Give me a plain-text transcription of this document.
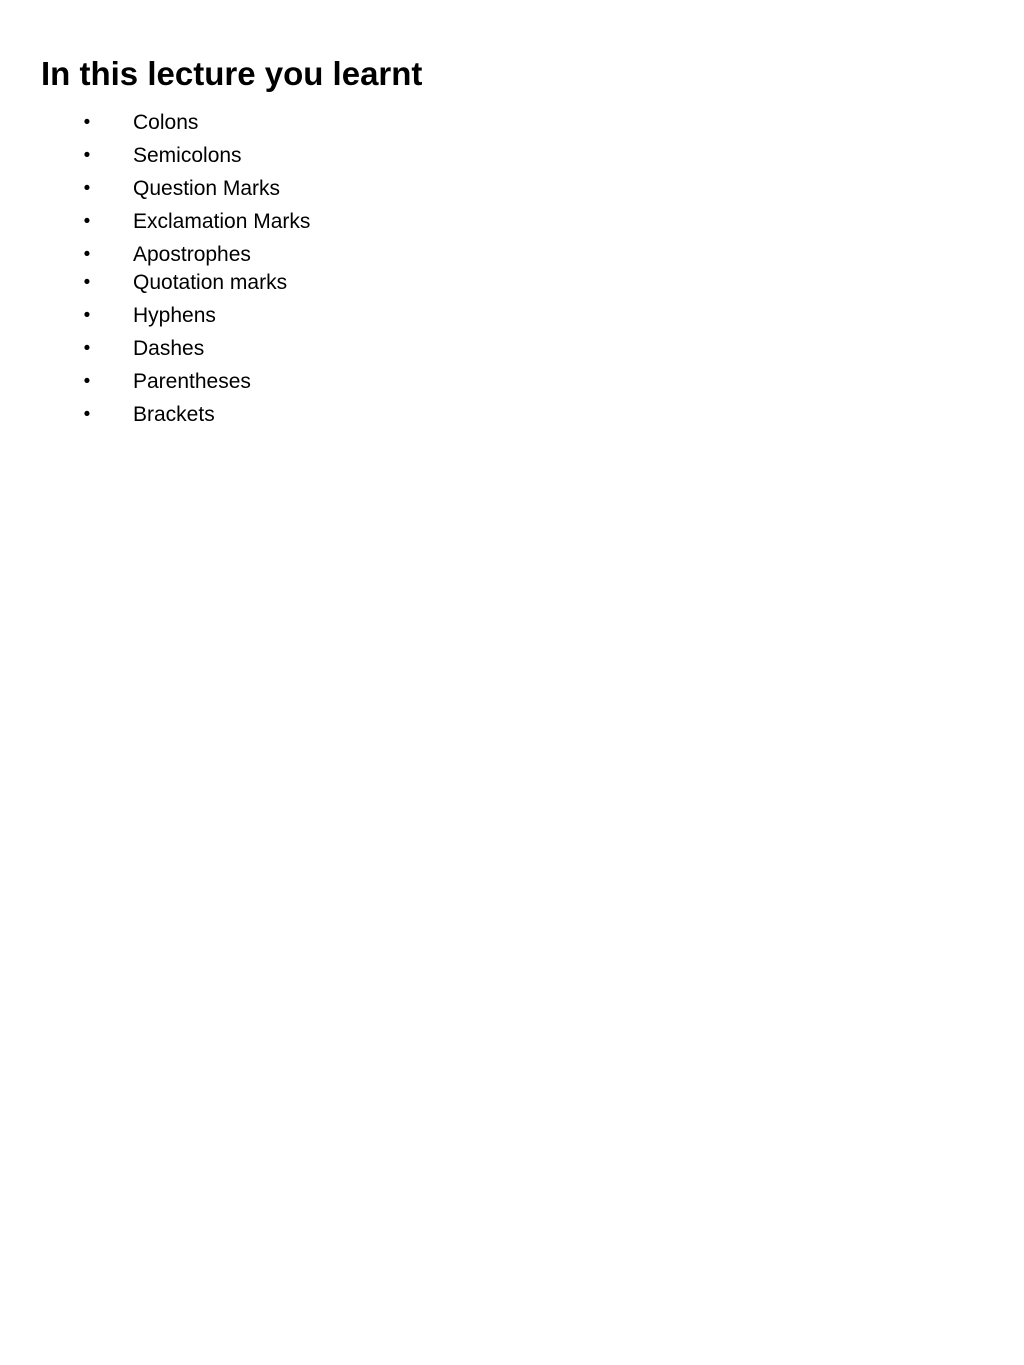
In this lecture you learnt
• Colons
• Semicolons
• Question Marks
• Exclamation Marks
• Apostrophes
• Quotation marks
• Hyphens
• Dashes
• Parentheses
• Brackets
